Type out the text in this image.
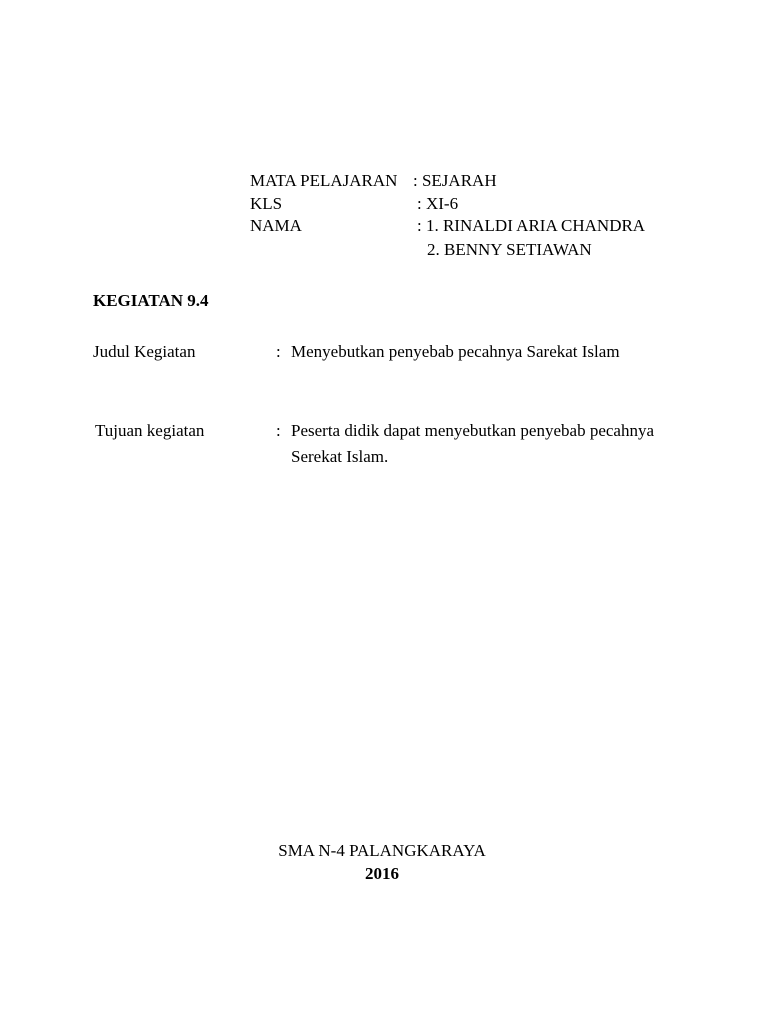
MATA PELAJARAN : SEJARAH
KLS	: XI-6
NAMA	: 1. RINALDI ARIA CHANDRA
2. BENNY SETIAWAN
KEGIATAN 9.4
Judul Kegiatan	: Menyebutkan penyebab pecahnya Sarekat Islam
Tujuan kegiatan	: Peserta didik dapat menyebutkan penyebab pecahnya Serekat Islam.
SMA N-4 PALANGKARAYA
2016
